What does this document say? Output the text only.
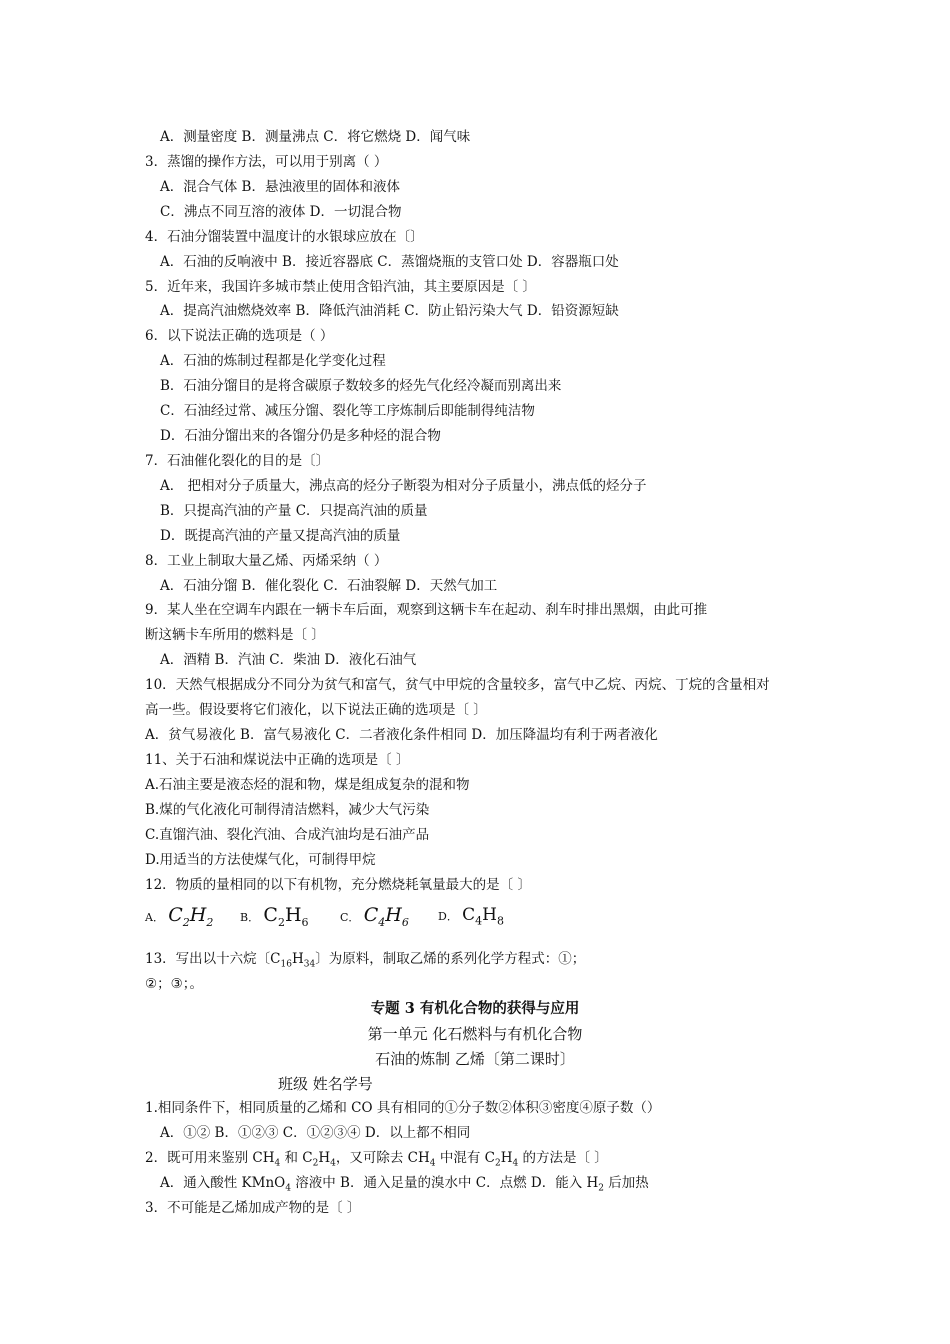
A．测量密度 B．测量沸点 C．将它燃烧 D．闻气味
3．蒸馏的操作方法，可以用于别离（ ）
A．混合气体 B．悬浊液里的固体和液体
C．沸点不同互溶的液体 D．一切混合物
4．石油分馏装置中温度计的水银球应放在〔〕
A．石油的反响液中 B．接近容器底 C．蒸馏烧瓶的支管口处 D．容器瓶口处
5．近年来，我国许多城市禁止使用含铅汽油，其主要原因是〔 〕
A．提高汽油燃烧效率 B．降低汽油消耗 C．防止铅污染大气 D．铅资源短缺
6．以下说法正确的选项是（ ）
A．石油的炼制过程都是化学变化过程
B．石油分馏目的是将含碳原子数较多的烃先气化经冷凝而别离出来
C．石油经过常、减压分馏、裂化等工序炼制后即能制得纯洁物
D．石油分馏出来的各馏分仍是多种烃的混合物
7．石油催化裂化的目的是〔〕
A． 把相对分子质量大，沸点高的烃分子断裂为相对分子质量小，沸点低的烃分子
B．只提高汽油的产量 C．只提高汽油的质量
D．既提高汽油的产量又提高汽油的质量
8．工业上制取大量乙烯、丙烯采纳（ ）
A．石油分馏 B．催化裂化 C．石油裂解 D．天然气加工
9．某人坐在空调车内跟在一辆卡车后面，观察到这辆卡车在起动、刹车时排出黑烟，由此可推
断这辆卡车所用的燃料是〔 〕
A．酒精 B．汽油 C．柴油 D．液化石油气
10．天然气根据成分不同分为贫气和富气，贫气中甲烷的含量较多，富气中乙烷、丙烷、丁烷的含量相对
高一些。假设要将它们液化，以下说法正确的选项是〔 〕
A．贫气易液化 B．富气易液化 C．二者液化条件相同 D．加压降温均有利于两者液化
11、关于石油和煤说法中正确的选项是〔 〕
A.石油主要是液态烃的混和物，煤是组成复杂的混和物
B.煤的气化液化可制得清洁燃料，减少大气污染
C.直馏汽油、裂化汽油、合成汽油均是石油产品
D.用适当的方法使煤气化，可制得甲烷
12．物质的量相同的以下有机物，充分燃烧耗氧量最大的是〔 〕
A． $C_2H_2$ B． $C_2H_6$	C． $C_4H_6$	D． $C_4H_8$
13．写出以十六烷〔$C_{16}H_{34}$〕为原料，制取乙烯的系列化学方程式：①；
②；③；。
专题 3 有机化合物的获得与应用
第一单元 化石燃料与有机化合物
石油的炼制 乙烯〔第二课时〕
班级 姓名学号
1.相同条件下，相同质量的乙烯和 CO 具有相同的①分子数②体积③密度④原子数（）
A．①② B．①②③ C．①②③④ D．以上都不相同
2．既可用来鉴别 $CH_4$ 和 $C_2H_4$，又可除去 $CH_4$ 中混有 $C_2H_4$ 的方法是〔 〕
A．通入酸性 KMnO$_4$ 溶液中 B．通入足量的溴水中 C．点燃 D．能入 $H_2$ 后加热
3．不可能是乙烯加成产物的是〔 〕
